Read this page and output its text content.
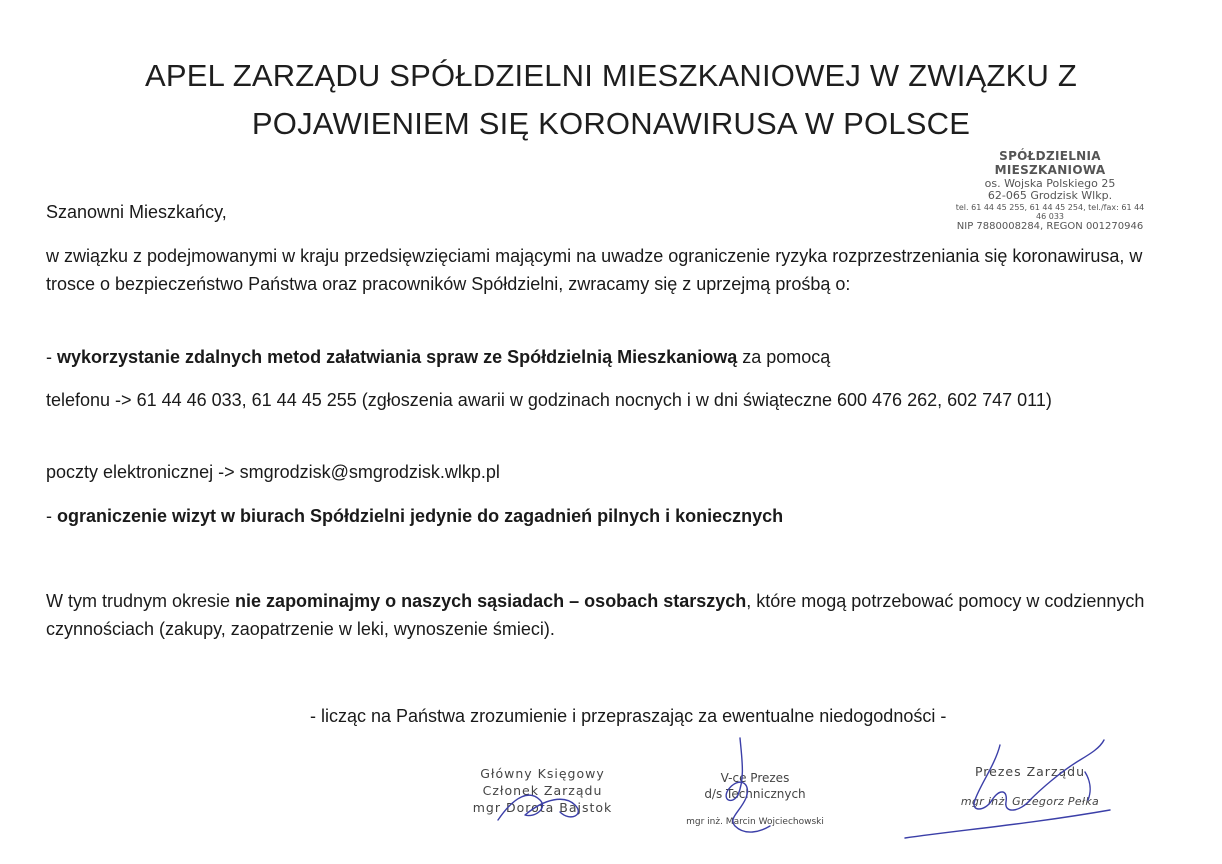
APEL ZARZĄDU SPÓŁDZIELNI MIESZKANIOWEJ W ZWIĄZKU Z
POJAWIENIEM SIĘ KORONAWIRUSA W POLSCE
SPÓŁDZIELNIA MIESZKANIOWA
os. Wojska Polskiego 25
62-065 Grodzisk Wlkp.
tel. 61 44 45 255, 61 44 45 254, tel./fax: 61 44 46 033
NIP 7880008284, REGON 001270946
Szanowni Mieszkańcy,
w związku z podejmowanymi w kraju przedsięwzięciami mającymi na uwadze ograniczenie ryzyka rozprzestrzeniania się koronawirusa, w trosce o bezpieczeństwo Państwa oraz pracowników Spółdzielni, zwracamy się z uprzejmą prośbą o:
- wykorzystanie zdalnych metod załatwiania spraw ze Spółdzielnią Mieszkaniową za pomocą
telefonu -> 61 44 46 033, 61 44 45 255 (zgłoszenia awarii w godzinach nocnych i w dni świąteczne 600 476 262, 602 747 011)
poczty elektronicznej -> smgrodzisk@smgrodzisk.wlkp.pl
- ograniczenie wizyt w biurach Spółdzielni jedynie do zagadnień pilnych i koniecznych
W tym trudnym okresie nie zapominajmy o naszych sąsiadach – osobach starszych, które mogą potrzebować pomocy w codziennych czynnościach (zakupy, zaopatrzenie w leki, wynoszenie śmieci).
- licząc na Państwa zrozumienie i przepraszając za ewentualne niedogodności -
Główny Księgowy
Członek Zarządu
mgr Dorota Bajstok
V-ce Prezes
d/s Technicznych
mgr inż. Marcin Wojciechowski
Prezes Zarządu
mgr inż. Grzegorz Pełka
